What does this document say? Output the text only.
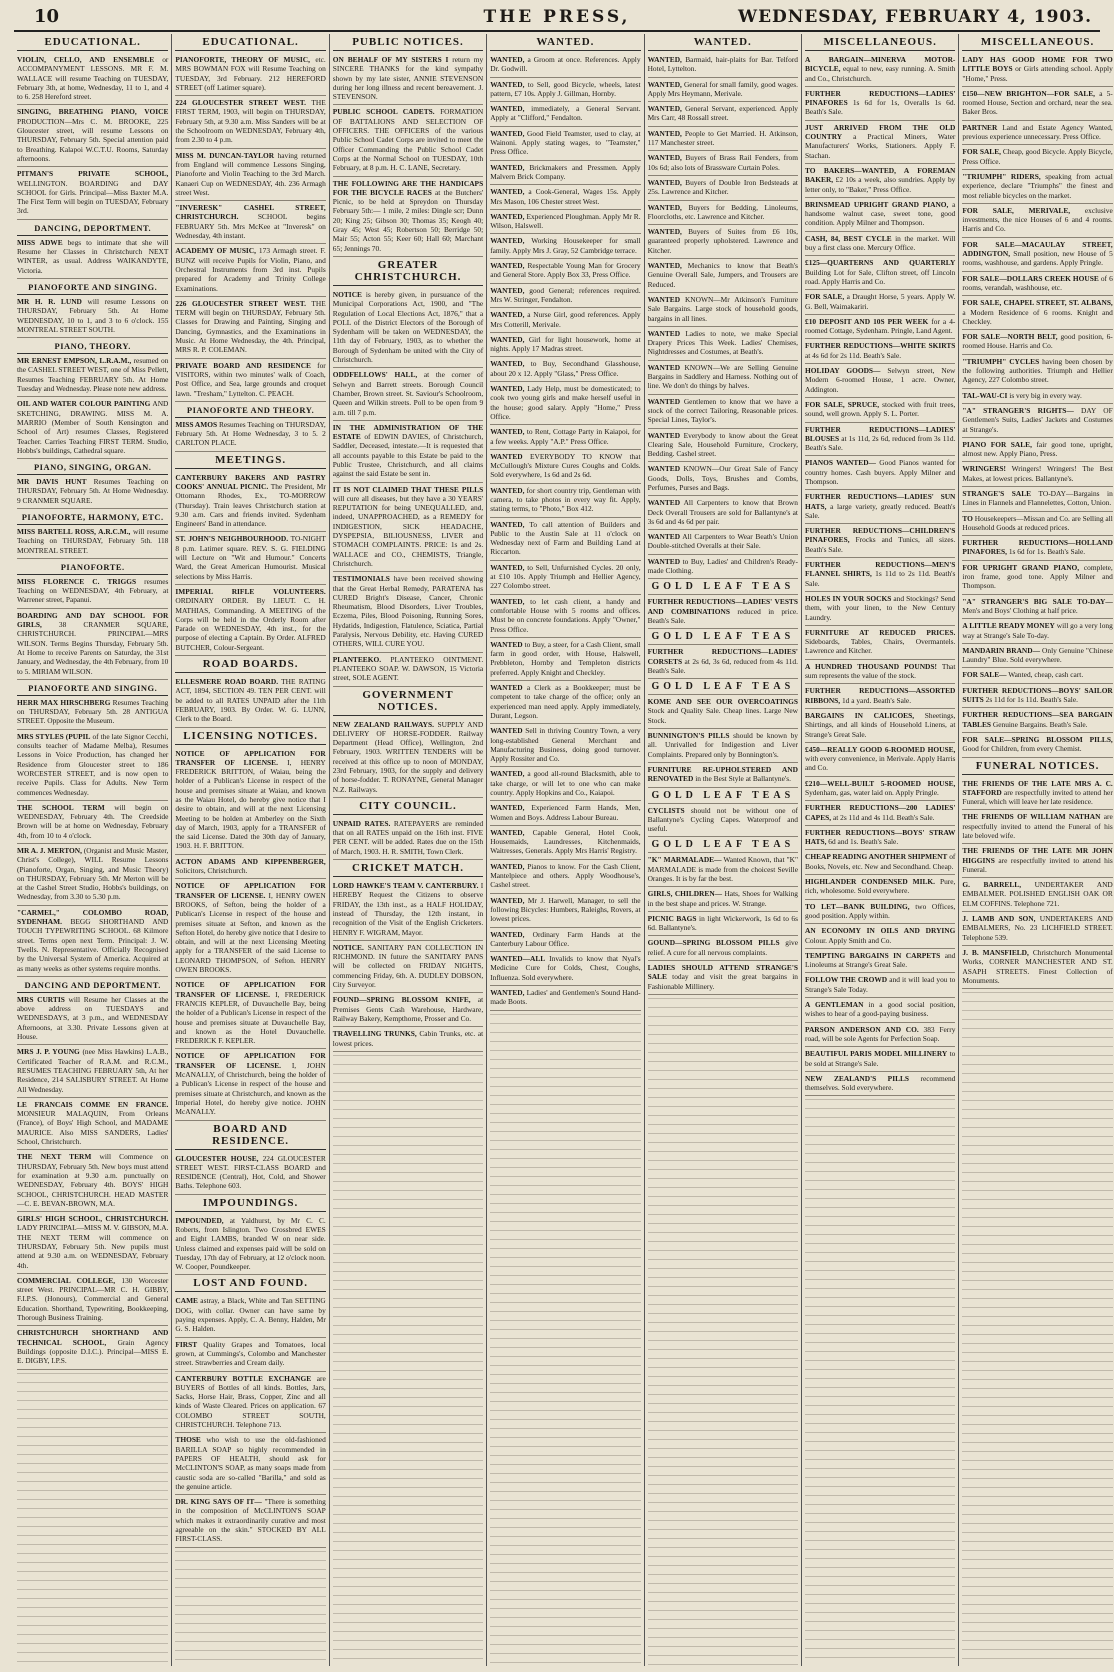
10	THE PRESS,	WEDNESDAY, FEBRUARY 4, 1903.
EDUCATIONAL.

VIOLIN, CELLO, AND ENSEMBLE or ACCOMPANYMENT LESSONS. MR F. M. WALLACE will resume Teaching on TUESDAY, February 3th, at home, Wednesday, 11 to 1, and 4 to 6. 258 Hereford street.

SINGING, BREATHING PIANO, VOICE PRODUCTION—Mrs C. M. BROOKE, 225 Gloucester street, will resume Lessons on THURSDAY, February 5th. Special attention paid to Breathing. Kalapoi W.C.T.U. Rooms, Saturday afternoons.

PITMAN'S PRIVATE SCHOOL, WELLINGTON. BOARDING and DAY SCHOOL for Girls. Principal—Miss Baxter M.A. The First Term will begin on TUESDAY, February 3rd.

DANCING, DEPORTMENT.

MISS ADWE begs to intimate that she will Resume her Classes in Christchurch NEXT WINTER, as usual. Address WAIKANDYTE, Victoria.

PIANOFORTE AND SINGING.

MR H. R. LUND will resume Lessons on THURSDAY, February 5th. At Home WEDNESDAY, 10 to 1, and 3 to 6 o'clock. 155 MONTREAL STREET SOUTH.

PIANO, THEORY.

MR ERNEST EMPSON, L.R.A.M., resumed on the CASHEL STREET WEST, one of Miss Pellett, Resumes Teaching FEBRUARY 5th. At Home Tuesday and Wednesday. Please note new address.

OIL AND WATER COLOUR PAINTING AND SKETCHING, DRAWING. MISS M. A. MARRIO (Member of South Kensington and School of Art) resumes Classes, Registered Teacher. Carries Teaching FIRST TERM. Studio, Hobbs's buildings, Cathedral square.

PIANO, SINGING, ORGAN.

MR DAVIS HUNT Resumes Teaching on THURSDAY, February 5th. At Home Wednesday. 9 CRANMER SQUARE.

PIANOFORTE, HARMONY, ETC.

MISS BARTELL ROSS, A.R.C.M., will resume Teaching on THURSDAY, February 5th. 118 MONTREAL STREET.

PIANOFORTE.

MISS FLORENCE C. TRIGGS resumes Teaching on WEDNESDAY, 4th February, at Warrener street, Papanui.

BOARDING AND DAY SCHOOL FOR GIRLS, 38 CRANMER SQUARE, CHRISTCHURCH. PRINCIPAL—MRS WILSON. Terms Begins Thursday, February 5th. At Home to receive Parents on Saturday, the 31st January, and Wednesday, the 4th February, from 10 to 5. MIRIAM WILSON.

PIANOFORTE AND SINGING.

HERR MAX HIRSCHBERG Resumes Teaching on THURSDAY, February 5th. 28 ANTIGUA STREET. Opposite the Museum.

MRS STYLES (PUPIL of the late Signor Cecchi, consults teacher of Madame Melba), Resumes Lessons in Voice Production, has changed her Residence from Gloucester street to 186 WORCESTER STREET, and is now open to receive Pupils. Class for Adults. New Term commences Wednesday.

THE SCHOOL TERM will begin on WEDNESDAY, February 4th. The Creedside Brown will be at home on Wednesday, February 4th, from 10 to 4 o'clock.

MR A. J. MERTON, (Organist and Music Master, Christ's College), WILL Resume Lessons (Pianoforte, Organ, Singing, and Music Theory) on THURSDAY, February 5th. Mr Merton will be at the Cashel Street Studio, Hobbs's buildings, on Wednesday, from 3.30 to 5.30 p.m.

"CARMEL," COLOMBO ROAD, SYDENHAM. BEGG SHORTHAND AND TOUCH TYPEWRITING SCHOOL. 68 Kilmore street. Terms open next Term. Principal: J. W. Twells. N. Representative. Officially Recognised by the Universal System of America. Acquired at as many weeks as other systems require months.

DANCING AND DEPORTMENT.

MRS CURTIS will Resume her Classes at the above address on TUESDAYS and WEDNESDAYS, at 3 p.m., and WEDNESDAY Afternoons, at 3.30. Private Lessons given at House.

MRS J. P. YOUNG (nee Miss Hawkins) L.A.B., Certificated Teacher of R.A.M. and R.C.M., RESUMES TEACHING FEBRUARY 5th, At her Residence, 214 SALISBURY STREET. At Home All Wednesday.

LE FRANCAIS COMME EN FRANCE. MONSIEUR MALAQUIN, From Orleans (France), of Boys' High School, and MADAME MAURICE. Also MISS SANDERS, Ladies' School, Christchurch.

THE NEXT TERM will Commence on THURSDAY, February 5th. New boys must attend for examination at 9.30 a.m. punctually on WEDNESDAY, February 4th. BOYS' HIGH SCHOOL, CHRISTCHURCH. HEAD MASTER—C. E. BEVAN-BROWN, M.A.

GIRLS' HIGH SCHOOL, CHRISTCHURCH. LADY PRINCIPAL—MISS M. V. GIBSON, M.A. THE NEXT TERM will commence on THURSDAY, February 5th. New pupils must attend at 9.30 a.m. on WEDNESDAY, February 4th.

COMMERCIAL COLLEGE, 130 Worcester street West. PRINCIPAL—MR C. H. GIBBY, F.I.P.S. (Honours), Commercial and General Education. Shorthand, Typewriting, Bookkeeping, Thorough Business Training.

CHRISTCHURCH SHORTHAND AND TECHNICAL SCHOOL, Grain Agency Buildings (opposite D.I.C.). Principal—MISS E. E. DIGBY, I.P.S.

EDUCATIONAL.

PIANOFORTE, THEORY OF MUSIC, etc. MRS BOWMAN FOX will Resume Teaching on TUESDAY, 3rd February. 212 HEREFORD STREET (off Latimer square).

224 GLOUCESTER STREET WEST. THE FIRST TERM, 1903, will begin on THURSDAY, February 5th, at 9.30 a.m. Miss Sanders will be at the Schoolroom on WEDNESDAY, February 4th, from 2.30 to 4 p.m.

MISS M. DUNCAN-TAYLOR having returned from England will commence Lessons Singing, Pianoforte and Violin Teaching to the 3rd March. Kanaeri Cup on WEDNESDAY, 4th. 236 Armagh street West.

"INVERESK" CASHEL STREET, CHRISTCHURCH.	SCHOOL begins FEBRUARY 5th. Mrs McKee at "Inveresk" on Wednesday, 4th instant.

ACADEMY OF MUSIC, 173 Armagh street. F. BUNZ will receive Pupils for Violin, Piano, and Orchestral Instruments from 3rd inst. Pupils prepared for Academy and Trinity College Examinations.

226 GLOUCESTER STREET WEST. THE TERM will begin on THURSDAY, February 5th. Classes for Drawing and Painting, Singing and Dancing, Gymnastics, and the Examinations in Music. At Home Wednesday, the 4th. Principal, MRS R. P. COLEMAN.

PRIVATE BOARD AND RESIDENCE for VISITORS, within two minutes' walk of Coach, Post Office, and Sea, large grounds and croquet lawn. "Tresham," Lyttelton. C. PEACH.

PIANOFORTE AND THEORY.

MISS AMOS Resumes Teaching on THURSDAY, February 5th. At Home Wednesday, 3 to 5. 2 CARLTON PLACE.

MEETINGS.

CANTERBURY BAKERS AND PASTRY COOKS' ANNUAL PICNIC. The President, Mr Ottomann Rhodes, Ex., TO-MORROW (Thursday). Train leaves Christchurch station at 9.30 a.m. Cars and friends invited. Sydenham Engineers' Band in attendance.

ST. JOHN'S NEIGHBOURHOOD. TO-NIGHT 8 p.m. Latimer square. REV. S. G. FIELDING will Lecture on "Wit and Humour." Concerts Ward, the Great American Humourist. Musical selections by Miss Harris.

IMPERIAL RIFLE VOLUNTEERS. ORDINARY ORDER. By LIEUT. C. H. MATHIAS, Commanding. A MEETING of the Corps will be held in the Orderly Room after Parade on WEDNESDAY, 4th inst., for the purpose of electing a Captain. By Order. ALFRED BUTCHER, Colour-Sergeant.

ROAD BOARDS.

ELLESMERE ROAD BOARD. THE RATING ACT, 1894, SECTION 49. TEN PER CENT. will be added to all RATES UNPAID after the 11th FEBRUARY, 1903. By Order. W. G. LUNN, Clerk to the Board.

LICENSING NOTICES.

NOTICE OF APPLICATION FOR TRANSFER OF LICENSE. I, HENRY FREDERICK BRITTON, of Waiau, being the holder of a Publican's License in respect of the house and premises situate at Waiau, and known as the Waiau Hotel, do hereby give notice that I desire to obtain, and will at the next Licensing Meeting to be holden at Amberley on the Sixth day of March, 1903, apply for a TRANSFER of the said License. Dated the 30th day of January, 1903. H. F. BRITTON.

ACTON ADAMS AND KIPPENBERGER, Solicitors, Christchurch.

NOTICE OF APPLICATION FOR TRANSFER OF LICENSE. I, HENRY OWEN BROOKS, of Sefton, being the holder of a Publican's License in respect of the house and premises situate at Sefton, and known as the Sefton Hotel, do hereby give notice that I desire to obtain, and will at the next Licensing Meeting apply for a TRANSFER of the said License to LEONARD THOMPSON, of Sefton. HENRY OWEN BROOKS.

NOTICE OF APPLICATION FOR TRANSFER OF LICENSE. I, FREDERICK FRANCIS KEPLER, of Duvauchelle Bay, being the holder of a Publican's License in respect of the house and premises situate at Duvauchelle Bay, and known as the Hotel Duvauchelle. FREDERICK F. KEPLER.

NOTICE OF APPLICATION FOR TRANSFER OF LICENSE. I, JOHN McANALLY, of Christchurch, being the holder of a Publican's License in respect of the house and premises situate at Christchurch, and known as the Imperial Hotel, do hereby give notice. JOHN McANALLY.

BOARD AND RESIDENCE.

GLOUCESTER HOUSE, 224 GLOUCESTER STREET WEST. FIRST-CLASS BOARD and RESIDENCE (Central), Hot, Cold, and Shower Baths. Telephone 603.

IMPOUNDINGS.

IMPOUNDED, at Yaldhurst, by Mr C. C. Roberts, from Islington. Two Crossbred EWES and Eight LAMBS, branded W on near side. Unless claimed and expenses paid will be sold on Tuesday, 17th day of February, at 12 o'clock noon. W. Cooper, Poundkeeper.

LOST AND FOUND.

CAME astray, a Black, White and Tan SETTING DOG, with collar. Owner can have same by paying expenses. Apply, C. A. Benny, Halden, Mr G. S. Halden.

FIRST Quality Grapes and Tomatoes, local grown, at Cummings's, Colombo and Manchester street. Strawberries and Cream daily.

CANTERBURY BOTTLE EXCHANGE are BUYERS of Bottles of all kinds. Bottles, Jars, Sacks, Horse Hair, Brass, Copper, Zinc and all kinds of Waste Cleared. Prices on application. 67 COLOMBO STREET SOUTH, CHRISTCHURCH. Telephone 713.

THOSE who wish to use the old-fashioned BARILLA SOAP so highly recommended in PAPERS OF HEALTH, should ask for McCLINTON'S SOAP, as many soaps made from caustic soda are so-called "Barilla," and sold as the genuine article.

DR. KING SAYS OF IT— "There is something in the composition of McCLINTON'S SOAP which makes it extraordinarily curative and most agreeable on the skin." STOCKED BY ALL FIRST-CLASS.

PUBLIC NOTICES.

ON BEHALF OF MY SISTERS I return my SINCERE THANKS for the kind sympathy shown by my late sister, ANNIE STEVENSON during her long illness and recent bereavement. J. STEVENSON.

PUBLIC SCHOOL CADETS. FORMATION OF BATTALIONS AND SELECTION OF OFFICERS. THE OFFICERS of the various Public School Cadet Corps are invited to meet the Officer Commanding the Public School Cadet Corps at the Normal School on TUESDAY, 10th February, at 8 p.m. H. C. LANE, Secretary.

THE FOLLOWING ARE THE HANDICAPS FOR THE BICYCLE RACES at the Butchers' Picnic, to be held at Spreydon on Thursday February 5th:— 1 mile, 2 miles: Dingle scr; Dunn 20; King 25; Gibson 30; Thomas 35; Keogh 40; Gray 45; West 45; Robertson 50; Berridge 50; Mair 55; Acton 55; Keer 60; Hall 60; Marchant 65; Jennings 70.

GREATER CHRISTCHURCH.

NOTICE is hereby given, in pursuance of the Municipal Corporations Act, 1900, and "The Regulation of Local Elections Act, 1876," that a POLL of the District Electors of the Borough of Sydenham will be taken on WEDNESDAY, the 11th day of February, 1903, as to whether the Borough of Sydenham be united with the City of Christchurch.

ODDFELLOWS' HALL, at the corner of Selwyn and Barrett streets. Borough Council Chamber, Brown street. St. Saviour's Schoolroom, Queen and Wilkin streets. Poll to be open from 9 a.m. till 7 p.m.

IN THE ADMINISTRATION OF THE ESTATE of EDWIN DAVIES, of Christchurch, Saddler, Deceased, intestate.—It is requested that all accounts payable to this Estate be paid to the Public Trustee, Christchurch, and all claims against the said Estate be sent in.

IT IS NOT CLAIMED THAT THESE PILLS will cure all diseases, but they have a 30 YEARS' REPUTATION for being UNEQUALLED, and, indeed, UNAPPROACHED, as a REMEDY for INDIGESTION, SICK HEADACHE, DYSPEPSIA, BILIOUSNESS, LIVER and STOMACH COMPLAINTS. PRICE: 1s and 2s. WALLACE and CO., CHEMISTS, Triangle, Christchurch.

TESTIMONIALS have been received showing that the Great Herbal Remedy, PARATENA has CURED Bright's Disease, Cancer, Chronic Rheumatism, Blood Disorders, Liver Troubles, Eczema, Piles, Blood Poisoning, Running Sores, Hydatids, Indigestion, Flatulence, Sciatica, Partial Paralysis, Nervous Debility, etc. Having CURED OTHERS, WILL CURE YOU.

PLANTEEKO. PLANTEEKO OINTMENT. PLANTEEKO SOAP. W. DAWSON, 15 Victoria street, SOLE AGENT.

GOVERNMENT NOTICES.

NEW ZEALAND RAILWAYS. SUPPLY AND DELIVERY OF HORSE-FODDER. Railway Department (Head Office), Wellington, 2nd February, 1903. WRITTEN TENDERS will be received at this office up to noon of MONDAY, 23rd February, 1903, for the supply and delivery of horse-fodder. T. RONAYNE, General Manager N.Z. Railways.

CITY COUNCIL.

UNPAID RATES. RATEPAYERS are reminded that on all RATES unpaid on the 16th inst. FIVE PER CENT. will be added. Rates due on the 15th of March, 1903. H. R. SMITH, Town Clerk.

CRICKET MATCH.

LORD HAWKE'S TEAM V. CANTERBURY. I HEREBY Request the Citizens to observe FRIDAY, the 13th inst., as a HALF HOLIDAY, instead of Thursday, the 12th instant, in recognition of the Visit of the English Cricketers. HENRY F. WIGRAM, Mayor.

NOTICE. SANITARY PAN COLLECTION IN RICHMOND. IN future the SANITARY PANS will be collected on FRIDAY NIGHTS, commencing Friday, 6th. A. DUDLEY DOBSON, City Surveyor.

FOUND—SPRING BLOSSOM KNIFE, at Premises Gents Cash Warehouse, Hardware, Railway Bakery, Kempthorne, Prosser and Co.

TRAVELLING TRUNKS, Cabin Trunks, etc. at lowest prices.

WANTED.

WANTED, a Groom at once. References. Apply Dr. Godwill.

WANTED, to Sell, good Bicycle, wheels, latest pattern, £7 10s. Apply J. Gillman, Hornby.

WANTED, immediately, a General Servant. Apply at "Clifford," Fendalton.

WANTED, Good Field Teamster, used to clay, at Wainoni. Apply stating wages, to "Teamster," Press Office.

WANTED, Brickmakers and Pressmen. Apply Malvern Brick Company.

WANTED, a Cook-General, Wages 15s. Apply Mrs Mason, 106 Chester street West.

WANTED, Experienced Ploughman. Apply Mr R. Wilson, Halswell.

WANTED, Working Housekeeper for small family. Apply Mrs J. Gray, 52 Cambridge terrace.

WANTED, Respectable Young Man for Grocery and General Store. Apply Box 33, Press Office.

WANTED, good General; references required. Mrs W. Stringer, Fendalton.

WANTED, a Nurse Girl, good references. Apply Mrs Cotterill, Merivale.

WANTED, Girl for light housework, home at nights. Apply 17 Madras street.

WANTED, to Buy, Secondhand Glasshouse, about 20 x 12. Apply "Glass," Press Office.

WANTED, Lady Help, must be domesticated; to cook two young girls and make herself useful in the house; good salary. Apply "Home," Press Office.

WANTED, to Rent, Cottage Party in Kaiapoi, for a few weeks. Apply "A.P." Press Office.

WANTED EVERYBODY TO KNOW that McCullough's Mixture Cures Coughs and Colds. Sold everywhere, 1s 6d and 2s 6d.

WANTED, for short country trip, Gentleman with camera, to take photos in every way fit. Apply, stating terms, to "Photo," Box 412.

WANTED, To call attention of Builders and Public to the Austin Sale at 11 o'clock on Wednesday next of Farm and Building Land at Riccarton.

WANTED, to Sell, Unfurnished Cycles. 20 only, at £10 10s. Apply Triumph and Hellier Agency, 227 Colombo street.

WANTED, to let cash client, a handy and comfortable House with 5 rooms and offices. Must be on concrete foundations. Apply "Owner," Press Office.

WANTED to Buy, a steer, for a Cash Client, small farm in good order, with House, Halswell, Prebbleton, Hornby and Templeton districts preferred. Apply Knight and Checkley.

WANTED a Clerk as a Bookkeeper; must be competent to take charge of the office; only an experienced man need apply. Apply immediately, Durant, Legson.

WANTED Sell in thriving Country Town, a very long-established General Merchant and Manufacturing Business, doing good turnover. Apply Rossiter and Co.

WANTED, a good all-round Blacksmith, able to take charge, or will let to one who can make country. Apply Hopkins and Co., Kaiapoi.

WANTED, Experienced Farm Hands, Men, Women and Boys. Address Labour Bureau.

WANTED, Capable General, Hotel Cook, Housemaids, Laundresses, Kitchenmaids, Waitresses, Generals. Apply Mrs Harris' Registry.

WANTED, Pianos to know. For the Cash Client, Mantelpiece and others. Apply Woodhouse's, Cashel street.

WANTED, Mr J. Harwell, Manager, to sell the following Bicycles: Humbers, Raleighs, Rovers, at lowest prices.

WANTED, Ordinary Farm Hands at the Canterbury Labour Office.

WANTED—ALL Invalids to know that Nyal's Medicine Cure for Colds, Chest, Coughs, Influenza. Sold everywhere.

WANTED, Ladies' and Gentlemen's Sound Hand-made Boots.

WANTED.

WANTED, Barmaid, hair-plaits for Bar. Telford Hotel, Lyttelton.

WANTED, General for small family, good wages. Apply Mrs Heymann, Merivale.

WANTED, General Servant, experienced. Apply Mrs Carr, 48 Rossall street.

WANTED, People to Get Married. H. Atkinson, 117 Manchester street.

WANTED, Buyers of Brass Rail Fenders, from 10s 6d; also lots of Brassware Curtain Poles.

WANTED, Buyers of Double Iron Bedsteads at 25s. Lawrence and Kitcher.

WANTED, Buyers for Bedding, Linoleums, Floorcloths, etc. Lawrence and Kitcher.

WANTED, Buyers of Suites from £6 10s, guaranteed properly upholstered. Lawrence and Kitcher.

WANTED, Mechanics to know that Beath's Genuine Overall Sale, Jumpers, and Trousers are Reduced.

WANTED KNOWN—Mr Atkinson's Furniture Sale Bargains. Large stock of household goods, bargains in all lines.

WANTED Ladies to note, we make Special Drapery Prices This Week. Ladies' Chemises, Nightdresses and Costumes, at Beath's.

WANTED KNOWN—We are Selling Genuine Bargains in Saddlery and Harness. Nothing out of line. We don't do things by halves.

WANTED Gentlemen to know that we have a stock of the correct Tailoring, Reasonable prices. Special Lines, Taylor's.

WANTED Everybody to know about the Great Clearing Sale, Household Furniture, Crockery, Bedding. Cashel street.

WANTED KNOWN—Our Great Sale of Fancy Goods, Dolls, Toys, Brushes and Combs, Perfumes, Purses and Bags.

WANTED All Carpenters to know that Brown Deck Overall Trousers are sold for Ballantyne's at 3s 6d and 4s 6d per pair.

WANTED All Carpenters to Wear Beath's Union Double-stitched Overalls at their Sale.

WANTED to Buy, Ladies' and Children's Ready-made Clothing.

GOLD LEAF TEAS

FURTHER REDUCTIONS—LADIES' VESTS AND COMBINATIONS reduced in price. Beath's Sale.

GOLD LEAF TEAS

FURTHER REDUCTIONS—LADIES' CORSETS at 2s 6d, 3s 6d, reduced from 4s 11d. Beath's Sale.

GOLD LEAF TEAS

KOME AND SEE OUR OVERCOATINGS Stock and Quality Sale. Cheap lines. Large New Stock.

BUNNINGTON'S PILLS should be known by all. Unrivalled for Indigestion and Liver Complaints. Prepared only by Bonnington's.

FURNITURE RE-UPHOLSTERED AND RENOVATED in the Best Style at Ballantyne's.

GOLD LEAF TEAS

CYCLISTS should not be without one of Ballantyne's Cycling Capes. Waterproof and useful.

GOLD LEAF TEAS

"K" MARMALADE— Wanted Known, that "K" MARMALADE is made from the choicest Seville Oranges. It is by far the best.

GIRLS, CHILDREN— Hats, Shoes for Walking in the best shape and prices. W. Strange.

PICNIC BAGS in light Wickerwork, 1s 6d to 6s 6d. Ballantyne's.

GOUND—SPRING BLOSSOM PILLS give relief. A cure for all nervous complaints.

LADIES SHOULD ATTEND STRANGE'S SALE today and visit the great bargains in Fashionable Millinery.

MISCELLANEOUS.

A BARGAIN—MINERVA MOTOR-BICYCLE, equal to new, easy running. A. Smith and Co., Christchurch.

FURTHER REDUCTIONS—LADIES' PINAFORES 1s 6d for 1s, Overalls 1s 6d. Beath's Sale.

JUST ARRIVED FROM THE OLD COUNTRY a Practical Miners, Water Manufacturers' Works, Stationers. Apply F. Stachan.

TO BAKERS—WANTED, A FOREMAN BAKER, £2 10s a week, also sundries. Apply by letter only, to "Baker," Press Office.

BRINSMEAD UPRIGHT GRAND PIANO, a handsome walnut case, sweet tone, good condition. Apply Milner and Thompson.

CASH, 84, BEST CYCLE in the market. Will buy a first class one. Mercury Office.

£125—QUARTERNS AND QUARTERLY Building Lot for Sale, Clifton street, off Lincoln road. Apply Harris and Co.

FOR SALE, a Draught Horse, 5 years. Apply W. G. Bell, Waimakariri.

£10 DEPOSIT AND 10S PER WEEK for a 4-roomed Cottage, Sydenham. Pringle, Land Agent.

FURTHER REDUCTIONS—WHITE SKIRTS at 4s 6d for 2s 11d. Beath's Sale.

HOLIDAY GOODS— Selwyn street, New Modern 6-roomed House, 1 acre. Owner, Addington.

FOR SALE, SPRUCE, stocked with fruit trees, sound, well grown. Apply S. L. Porter.

FURTHER REDUCTIONS—LADIES' BLOUSES at 1s 11d, 2s 6d, reduced from 3s 11d. Beath's Sale.

PIANOS WANTED— Good Pianos wanted for country homes. Cash buyers. Apply Milner and Thompson.

FURTHER REDUCTIONS—LADIES' SUN HATS, a large variety, greatly reduced. Beath's Sale.

FURTHER REDUCTIONS—CHILDREN'S PINAFORES, Frocks and Tunics, all sizes. Beath's Sale.

FURTHER REDUCTIONS—MEN'S FLANNEL SHIRTS, 1s 11d to 2s 11d. Beath's Sale.

HOLES IN YOUR SOCKS and Stockings? Send them, with your linen, to the New Century Laundry.

FURNITURE AT REDUCED PRICES. Sideboards, Tables, Chairs, Overmantels. Lawrence and Kitcher.

A HUNDRED THOUSAND POUNDS! That sum represents the value of the stock.

FURTHER REDUCTIONS—ASSORTED RIBBONS, 1d a yard. Beath's Sale.

BARGAINS IN CALICOES, Sheetings, Shirtings, and all kinds of Household Linens, at Strange's Great Sale.

£450—REALLY GOOD 6-ROOMED HOUSE, with every convenience, in Merivale. Apply Harris and Co.

£210—WELL-BUILT 5-ROOMED HOUSE, Sydenham, gas, water laid on. Apply Pringle.

FURTHER REDUCTIONS—200 LADIES' CAPES, at 2s 11d and 4s 11d. Beath's Sale.

FURTHER REDUCTIONS—BOYS' STRAW HATS, 6d and 1s. Beath's Sale.

CHEAP READING ANOTHER SHIPMENT of Books, Novels, etc. New and Secondhand. Cheap.

HIGHLANDER CONDENSED MILK. Pure, rich, wholesome. Sold everywhere.

TO LET—BANK BUILDING, two Offices, good position. Apply within.

AN ECONOMY IN OILS AND DRYING Colour. Apply Smith and Co.

TEMPTING BARGAINS IN CARPETS and Linoleums at Strange's Great Sale.

FOLLOW THE CROWD and it will lead you to Strange's Sale Today.

A GENTLEMAN in a good social position, wishes to hear of a good-paying business.

PARSON ANDERSON AND CO. 383 Ferry road, will be sole Agents for Perfection Soap.

BEAUTIFUL PARIS MODEL MILLINERY to be sold at Strange's Sale.

NEW ZEALAND'S PILLS recommend themselves. Sold everywhere.

MISCELLANEOUS.

LADY HAS GOOD HOME FOR TWO LITTLE BOYS or Girls attending school. Apply "Home," Press.

£150—NEW BRIGHTON—FOR SALE, a 5-roomed House, Section and orchard, near the sea. Baker Bros.

PARTNER Land and Estate Agency Wanted, previous experience unnecessary. Press Office.

FOR SALE, Cheap, good Bicycle. Apply Bicycle, Press Office.

"TRIUMPH" RIDERS, speaking from actual experience, declare "Triumphs" the finest and most reliable bicycles on the market.

FOR SALE, MERIVALE, exclusive investments, the nice Houses of 6 and 4 rooms. Harris and Co.

FOR SALE—MACAULAY STREET, ADDINGTON, Small position, new House of 5 rooms, washhouse, and gardens. Apply Pringle.

FOR SALE—DOLLARS CREEK HOUSE of 6 rooms, verandah, washhouse, etc.

FOR SALE, CHAPEL STREET, ST. ALBANS, a Modern Residence of 6 rooms. Knight and Checkley.

FOR SALE—NORTH BELT, good position, 6-roomed House. Harris and Co.

"TRIUMPH" CYCLES having been chosen by the following authorities. Triumph and Hellier Agency, 227 Colombo street.

TAL-WAU-CI is very big in every way.

"A" STRANGER'S RIGHTS— DAY OF Gentlemen's Suits, Ladies' Jackets and Costumes at Strange's.

PIANO FOR SALE, fair good tone, upright, almost new. Apply Piano, Press.

WRINGERS! Wringers! Wringers! The Best Makes, at lowest prices. Ballantyne's.

STRANGE'S SALE TO-DAY—Bargains in Lines in Flannels and Flannelettes, Cotton, Union.

TO Housekeepers—Missan and Co. are Selling all Household Goods at reduced prices.

FURTHER REDUCTIONS—HOLLAND PINAFORES, 1s 6d for 1s. Beath's Sale.

FOR UPRIGHT GRAND PIANO, complete, iron frame, good tone. Apply Milner and Thompson.

"A" STRANGER'S BIG SALE TO-DAY— Men's and Boys' Clothing at half price.

A LITTLE READY MONEY will go a very long way at Strange's Sale To-day.

MANDARIN BRAND— Only Genuine "Chinese Laundry" Blue. Sold everywhere.

FOR SALE— Wanted, cheap, cash cart.

FURTHER REDUCTIONS—BOYS' SAILOR SUITS 2s 11d for 1s 11d. Beath's Sale.

FURTHER REDUCTIONS—SEA BARGAIN TABLES Genuine Bargains. Beath's Sale.

FOR SALE—SPRING BLOSSOM PILLS, Good for Children, from every Chemist.

FUNERAL NOTICES.

THE FRIENDS OF THE LATE MRS A. C. STAFFORD are respectfully invited to attend her Funeral, which will leave her late residence.

THE FRIENDS OF WILLIAM NATHAN are respectfully invited to attend the Funeral of his late beloved wife.

THE FRIENDS OF THE LATE MR JOHN HIGGINS are respectfully invited to attend his Funeral.

G. BARRELL, UNDERTAKER AND EMBALMER. POLISHED ENGLISH OAK OR ELM COFFINS. Telephone 721.

J. LAMB AND SON, UNDERTAKERS AND EMBALMERS, No. 23 LICHFIELD STREET. Telephone 539.

J. B. MANSFIELD, Christchurch Monumental Works, CORNER MANCHESTER AND ST. ASAPH STREETS. Finest Collection of Monuments.
